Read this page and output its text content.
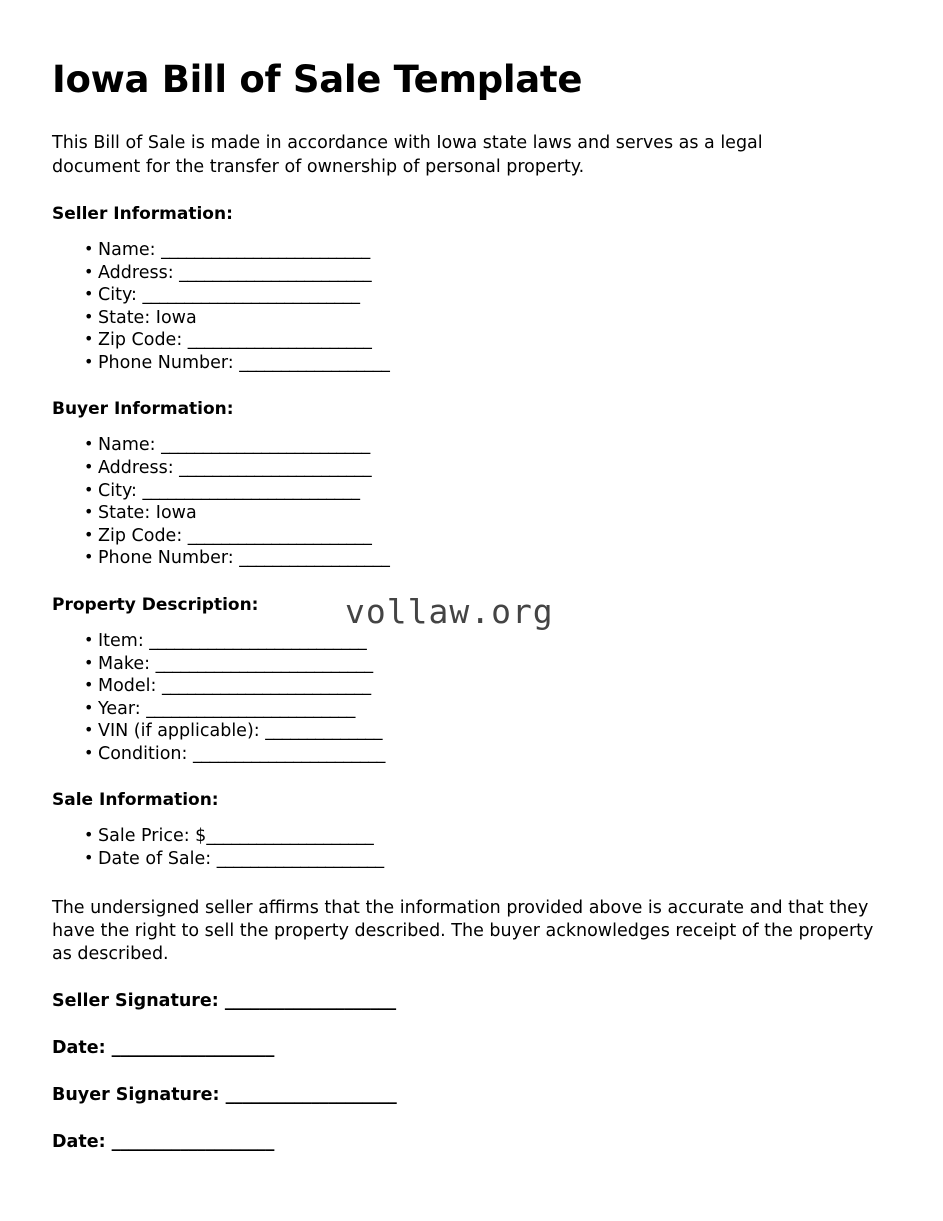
Iowa Bill of Sale Template

This Bill of Sale is made in accordance with Iowa state laws and serves as a legal document for the transfer of ownership of personal property.

Seller Information:
• Name: _________________________
• Address: _______________________
• City: __________________________
• State: Iowa
• Zip Code: ______________________
• Phone Number: __________________
Buyer Information:
• Name: _________________________
• Address: _______________________
• City: __________________________
• State: Iowa
• Zip Code: ______________________
• Phone Number: __________________
Property Description:
• Item: __________________________
• Make: __________________________
• Model: _________________________
• Year: _________________________
• VIN (if applicable): ______________
• Condition: _______________________
Sale Information:
• Sale Price: $____________________
• Date of Sale: ____________________

The undersigned seller affirms that the information provided above is accurate and that they have the right to sell the property described. The buyer acknowledges receipt of the property as described.

Seller Signature: ____________________

Date: ___________________

Buyer Signature: ____________________

Date: ___________________

vollaw.org
